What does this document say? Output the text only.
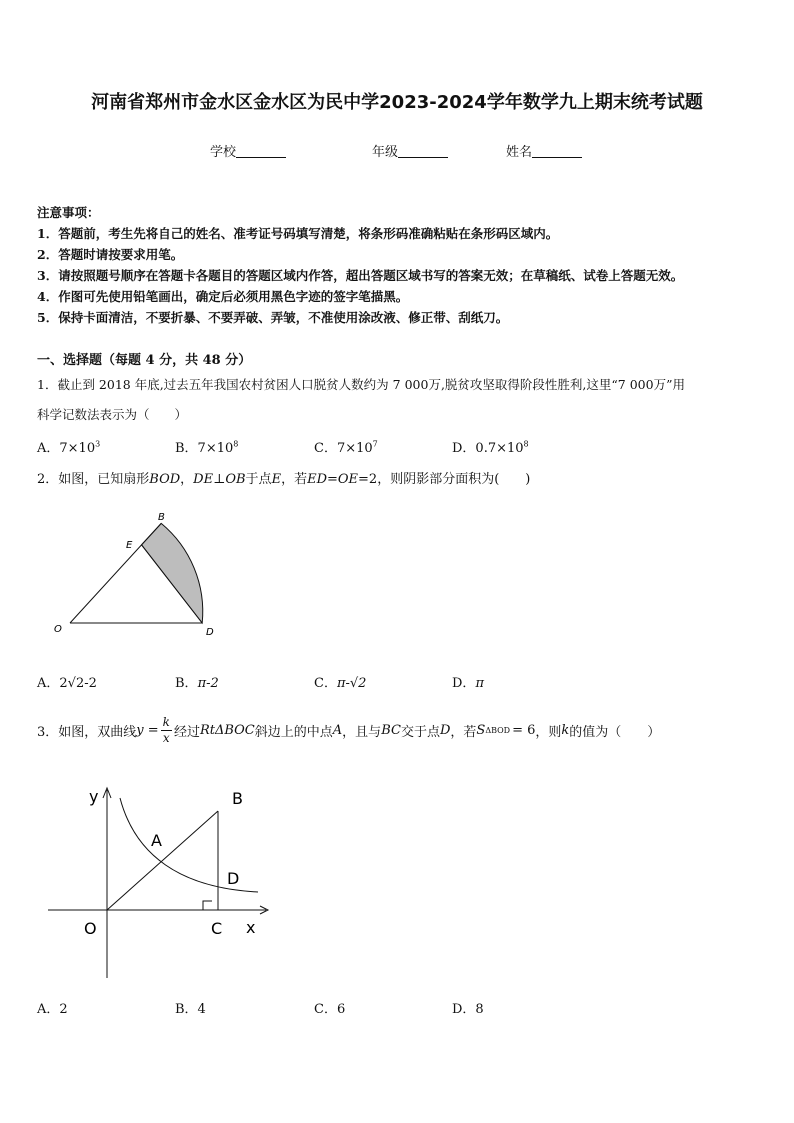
河南省郑州市金水区金水区为民中学2023-2024学年数学九上期末统考试题
学校	年级	姓名
注意事项：
1．答题前，考生先将自己的姓名、准考证号码填写清楚，将条形码准确粘贴在条形码区域内。
2．答题时请按要求用笔。
3．请按照题号顺序在答题卡各题目的答题区域内作答，超出答题区域书写的答案无效；在草稿纸、试卷上答题无效。
4．作图可先使用铅笔画出，确定后必须用黑色字迹的签字笔描黑。
5．保持卡面清洁，不要折暴、不要弄破、弄皱，不准使用涂改液、修正带、刮纸刀。
一、选择题（每题 4 分，共 48 分）
1．截止到 2018 年底,过去五年我国农村贫困人口脱贫人数约为 7 000万,脱贫攻坚取得阶段性胜利,这里“7 000万”用
科学记数法表示为（　　）
A．$7\times 10^3$	B．$7\times 10^8$	C．$7\times 10^7$	D．$0.7\times 10^8$
2．如图，已知扇形BOD，DE⊥OB于点E，若ED=OE=2，则阴影部分面积为(　　)
B
E
O	D
A．2√2-2	B．π-2	C．π-√2	D．π
3．如图，双曲线 $y = \frac{k}{x}$ 经过 RtΔBOC 斜边上的中点 A ，且与 BC 交于点 D ，若 S ΔBOD = 6 ，则 k 的值为（　　）
y
x
O
A
B
C
D
A．2	B．4	C．6	D．8
